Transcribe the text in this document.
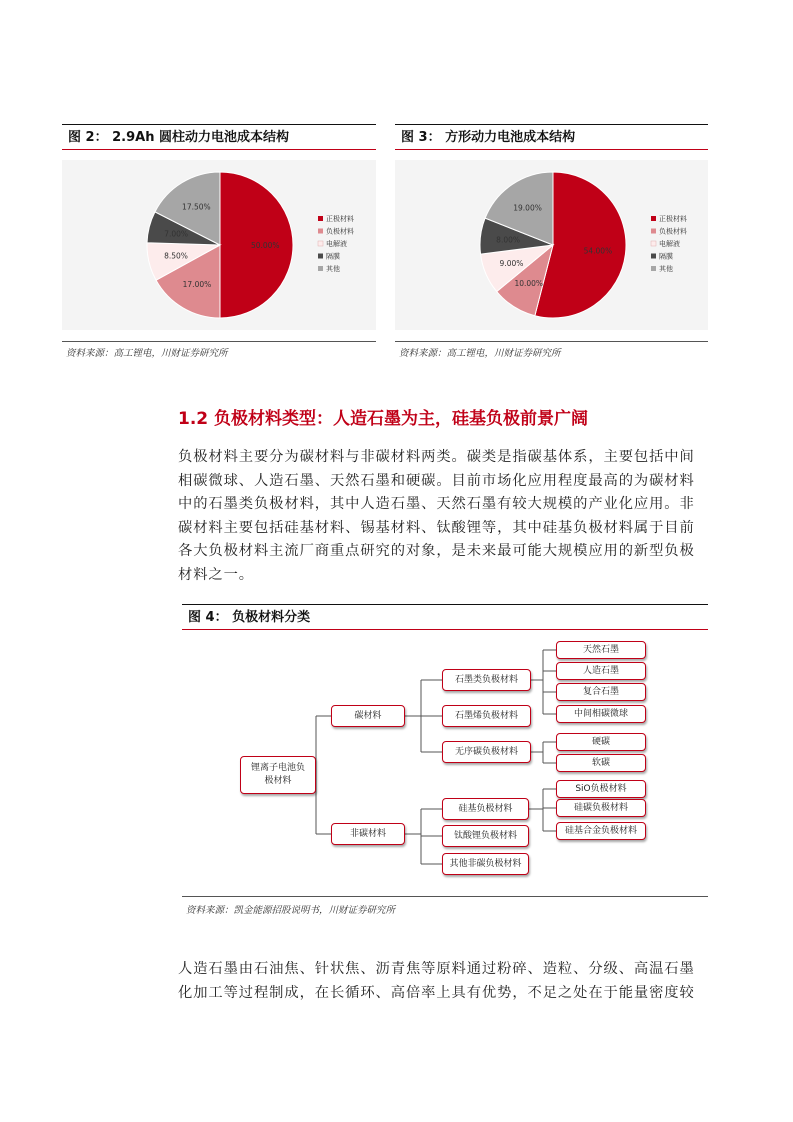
图 2： 2.9Ah 圆柱动力电池成本结构
50.00%
17.00%
8.50%
7.00%
17.50%
正极材料
负极材料
电解液
隔膜
其他
资料来源：高工锂电，川财证券研究所
图 3： 方形动力电池成本结构
54.00%
10.00%
9.00%
8.00%
19.00%
正极材料
负极材料
电解液
隔膜
其他
资料来源：高工锂电，川财证券研究所
1.2 负极材料类型：人造石墨为主，硅基负极前景广阔
负极材料主要分为碳材料与非碳材料两类。碳类是指碳基体系，主要包括中间
相碳微球、人造石墨、天然石墨和硬碳。目前市场化应用程度最高的为碳材料
中的石墨类负极材料，其中人造石墨、天然石墨有较大规模的产业化应用。非
碳材料主要包括硅基材料、锡基材料、钛酸锂等，其中硅基负极材料属于目前
各大负极材料主流厂商重点研究的对象，是未来最可能大规模应用的新型负极
材料之一。
图 4： 负极材料分类
锂离子电池负极材料
碳材料
非碳材料
石墨类负极材料
石墨烯负极材料
无序碳负极材料
天然石墨
人造石墨
复合石墨
中间相碳微球
硬碳
软碳
硅基负极材料
钛酸锂负极材料
其他非碳负极材料
SiO负极材料
硅碳负极材料
硅基合金负极材料
资料来源：凯金能源招股说明书，川财证券研究所
人造石墨由石油焦、针状焦、沥青焦等原料通过粉碎、造粒、分级、高温石墨
化加工等过程制成，在长循环、高倍率上具有优势，不足之处在于能量密度较
